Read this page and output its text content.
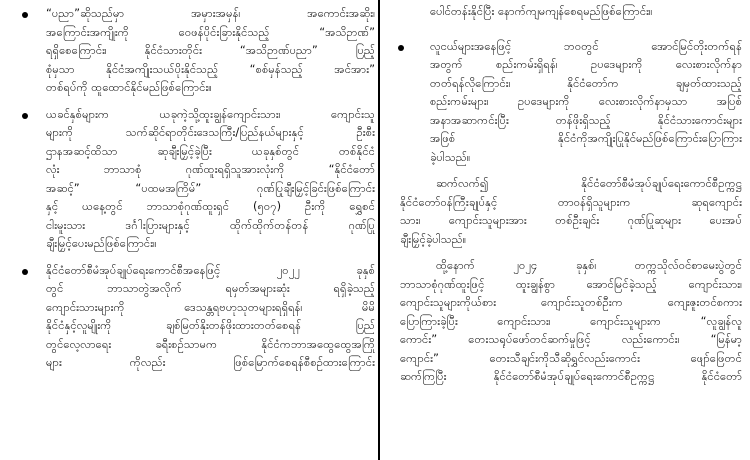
“ပညာ”ဆိုသည်မှာ အမှားအမှန်၊ အကောင်းအဆိုး၊
အကြောင်းအကျိုးကို ဝေဖန်ပိုင်းခြားနိုင်သည့် “အသိဉာဏ်”
ရရှိစေကြောင်း၊ နိုင်ငံသားတိုင်း “အသိဉာဏ်ပညာ” ပြည့်
စုံမှသာ နိုင်ငံအကျိုးသယ်ပိုးနိုင်သည့် “စစ်မှန်သည့် အင်အား”
တစ်ရပ်ကို ထူထောင်နိုင်မည်ဖြစ်ကြောင်း။
ယခင်နှစ်များက ယခုကဲ့သို့ထူးချွန်ကျောင်းသား၊ ကျောင်းသူ
များကို သက်ဆိုင်ရာတိုင်းဒေသကြီး/ပြည်နယ်များနှင့် ဦးစီး
ဌာနအဆင့်ထိသာ ဆုချီးမြှင့်ခဲ့ပြီး ယခုနှစ်တွင် တစ်နိုင်ငံ
လုံး ဘာသာစုံ ဂုဏ်ထူးရရှိသူအားလုံးကို “နိုင်ငံတော်
အဆင့်” “ပထမအကြိမ်” ဂုဏ်ပြုချီးမြှင့်ခြင်းဖြစ်ကြောင်း
နှင့် ယနေ့တွင် ဘာသာစုံဂုဏ်ထူးရှင် (၅၀၇) ဦးကို ရွှေစင်
ငါးမူးသား ဒင်္ဂါးပြားများနှင့် ထိုက်ထိုက်တန်တန် ဂုဏ်ပြု
ချီးမြှင့်ပေးမည်ဖြစ်ကြောင်း။
နိုင်ငံတော်စီမံအုပ်ချုပ်ရေးကောင်စီအနေဖြင့် ၂၀၂၂ ခုနှစ်
တွင် ဘာသာတွဲအလိုက် ရမှတ်အများဆုံး ရရှိခဲ့သည့်
ကျောင်းသားများကို ဒေသန္တရဗဟုသုတများရရှိရန်၊ မိမိ
နိုင်ငံနှင့်လူမျိုးကို ချစ်မြတ်နိုးတန်ဖိုးထားတတ်စေရန် ပြည်
တွင်လေ့လာရေး ခရီးစဉ်သာမက နိုင်ငံကဘာအထွေထွေအကြို
များ ကိုလည်း ဖြစ်မြောက်စေရန်စီစဉ်ထားကြောင်း
ပေါင်တန်းနိုင်ပြီး နောက်ကျမကျန်စေရမည်ဖြစ်ကြောင်း။
လူငယ်များအနေဖြင့် ဘဝတွင် အောင်မြင်တိုးတက်ရန်
အတွက် စည်းကမ်းရှိရန်၊ ဥပဒေများကို လေးစားလိုက်နာ
တတ်ရန်လိုကြောင်း၊ နိုင်ငံတော်က ချမှတ်ထားသည့်
စည်းကမ်းများ၊ ဥပဒေများကို လေးစားလိုက်နာမှသာ အပြစ်
အနာအဆာကင်းပြီး တန်ဖိုးရှိသည့် နိုင်ငံသားကောင်းများ
အဖြစ် နိုင်ငံကိုအကျိုးပြုနိုင်မည်ဖြစ်ကြောင်းပြောကြား
ခဲ့ပါသည်။
ဆက်လက်၍ နိုင်ငံတော်စီမံအုပ်ချုပ်ရေးကောင်စီဥက္ကဋ္ဌ
နိုင်ငံတော်ဝန်ကြီးချုပ်နှင့် တာဝန်ရှိသူများက ဆုရကျောင်း
သား၊ ကျောင်းသူများအား တစ်ဦးချင်း ဂုဏ်ပြုဆုများ ပေးအပ်
ချီးမြှင့်ခဲ့ပါသည်။
ထို့နောက် ၂၀၂၄ ခုနှစ်၊ တက္ကသိုလ်ဝင်စာမေးပွဲတွင်
ဘာသာစုံဂုဏ်ထူးဖြင့် ထူးချွန်စွာ အောင်မြင်ခဲ့သည့် ကျောင်းသား၊
ကျောင်းသူများကိုယ်စား ကျောင်းသူတစ်ဦးက ကျေးဇူးတင်စကား
ပြောကြားခဲ့ပြီး ကျောင်းသား၊ ကျောင်းသူများက “လူချွန်လူ
ကောင်း” တေးသရုပ်ဖော်တင်ဆက်မှုဖြင့် လည်းကောင်း၊ “မြန်မာ့
ကျောင်း” တေးသီချင်းကိုသီဆိုရွှင်လည်းကောင်း ဖျော်ဖြေတင်
ဆက်ကြပြီး နိုင်ငံတော်စီမံအုပ်ချုပ်ရေးကောင်စီဥက္ကဋ္ဌ နိုင်ငံတော်
